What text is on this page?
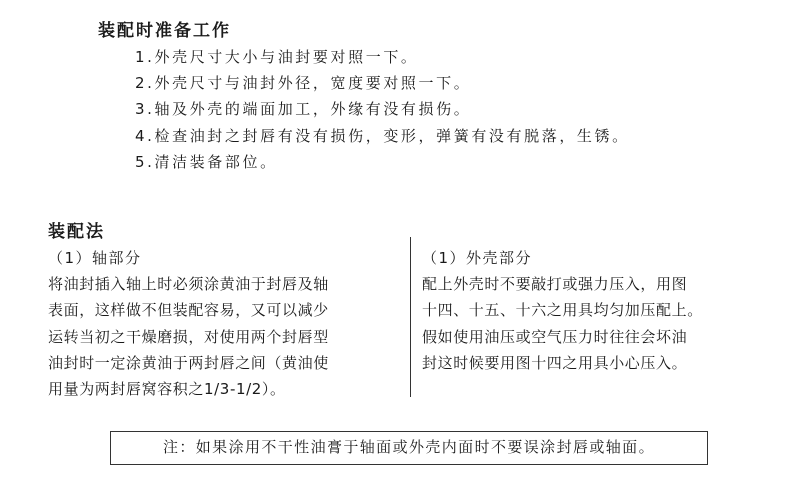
装配时准备工作
1.外壳尺寸大小与油封要对照一下。
2.外壳尺寸与油封外径，宽度要对照一下。
3.轴及外壳的端面加工，外缘有没有损伤。
4.检查油封之封唇有没有损伤，变形，弹簧有没有脱落，生锈。
5.清洁装备部位。
装配法

（1）轴部分

将油封插入轴上时必须涂黄油于封唇及轴

表面，这样做不但装配容易，又可以减少

运转当初之干燥磨损，对使用两个封唇型

油封时一定涂黄油于两封唇之间（黄油使

用量为两封唇窝容积之1/3-1/2）。

（1）外壳部分

配上外壳时不要敲打或强力压入，用图

十四、十五、十六之用具均匀加压配上。

假如使用油压或空气压力时往往会坏油

封这时候要用图十四之用具小心压入。

注：如果涂用不干性油膏于轴面或外壳内面时不要误涂封唇或轴面。
